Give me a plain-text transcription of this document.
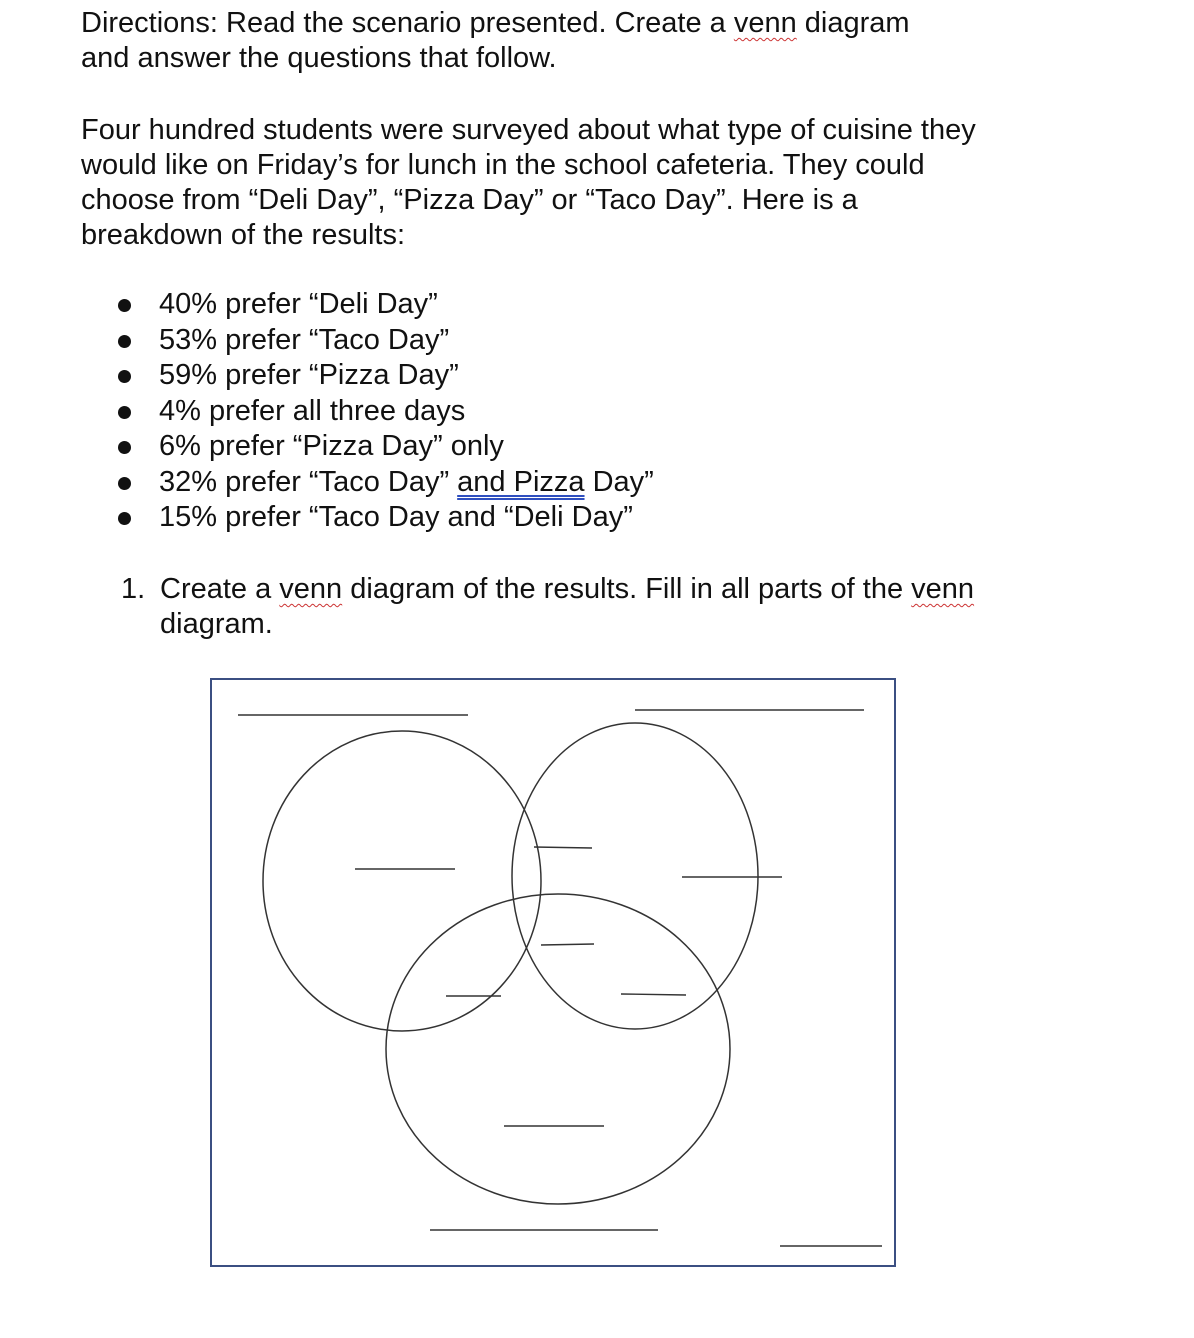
Directions: Read the scenario presented. Create a venn diagram
and answer the questions that follow.
Four hundred students were surveyed about what type of cuisine they
would like on Friday’s for lunch in the school cafeteria. They could
choose from “Deli Day”, “Pizza Day” or “Taco Day”. Here is a
breakdown of the results:
40% prefer “Deli Day”
53% prefer “Taco Day”
59% prefer “Pizza Day”
4% prefer all three days
6% prefer “Pizza Day” only
32% prefer “Taco Day” and Pizza Day”
15% prefer “Taco Day and “Deli Day”
1. Create a venn diagram of the results. Fill in all parts of the venn
diagram.
